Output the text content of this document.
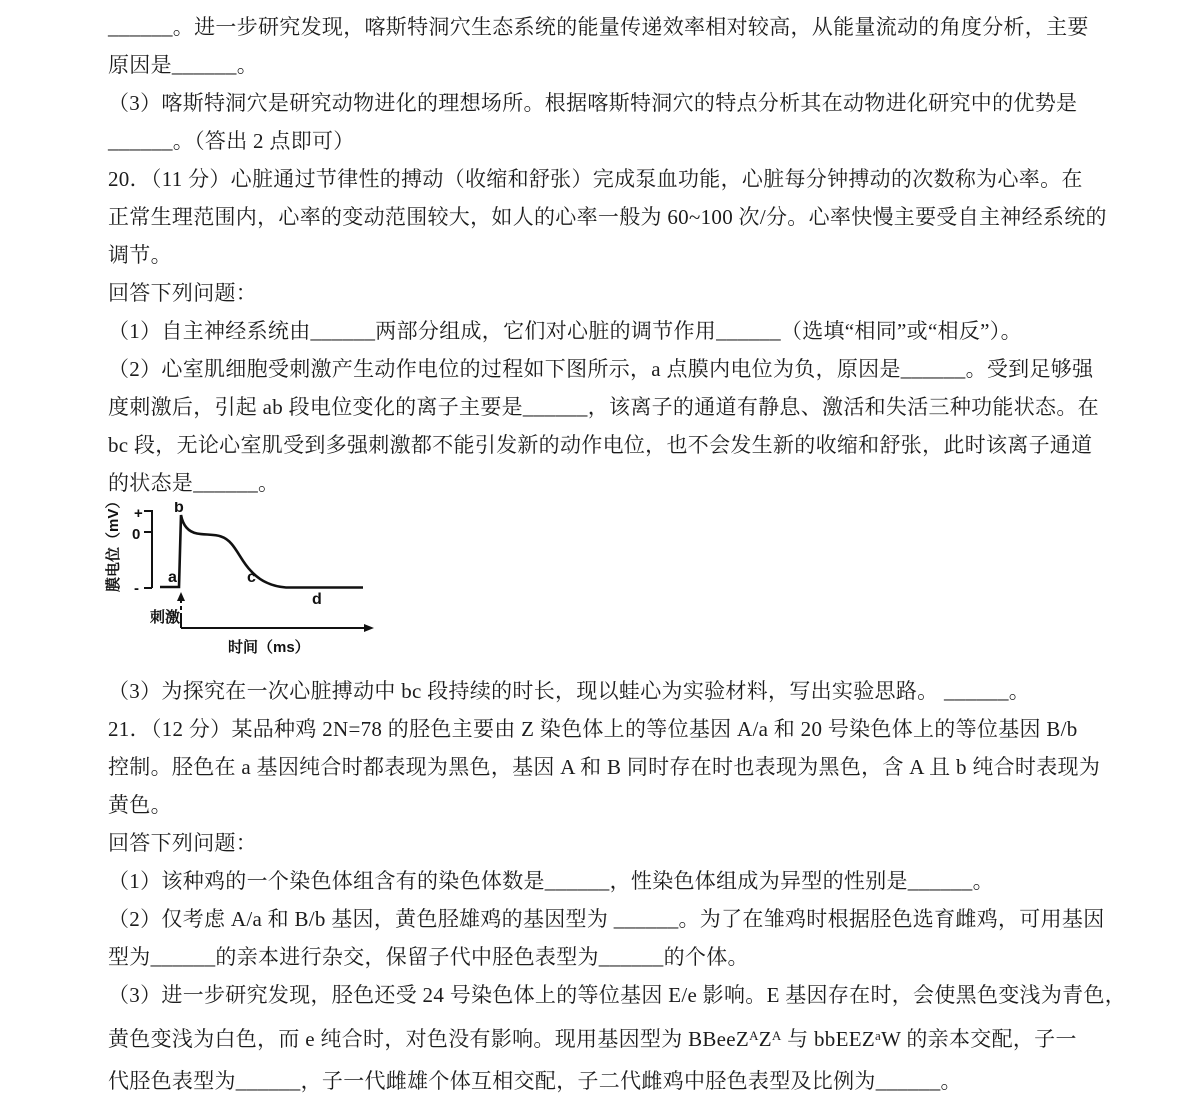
______。进一步研究发现，喀斯特洞穴生态系统的能量传递效率相对较高，从能量流动的角度分析，主要
原因是______。
（3）喀斯特洞穴是研究动物进化的理想场所。根据喀斯特洞穴的特点分析其在动物进化研究中的优势是
______。（答出 2 点即可）
20．（11 分）心脏通过节律性的搏动（收缩和舒张）完成泵血功能，心脏每分钟搏动的次数称为心率。在
正常生理范围内，心率的变动范围较大，如人的心率一般为 60~100 次/分。心率快慢主要受自主神经系统的
调节。
回答下列问题：
（1）自主神经系统由______两部分组成，它们对心脏的调节作用______（选填“相同”或“相反”）。
（2）心室肌细胞受刺激产生动作电位的过程如下图所示，a 点膜内电位为负，原因是______。受到足够强
度刺激后，引起 ab 段电位变化的离子主要是______，该离子的通道有静息、激活和失活三种功能状态。在
bc 段，无论心室肌受到多强刺激都不能引发新的动作电位，也不会发生新的收缩和舒张，此时该离子通道
的状态是______。
膜电位（mV） +
0
-
a
b
c
d
刺激
时间（ms）
（3）为探究在一次心脏搏动中 bc 段持续的时长，现以蛙心为实验材料，写出实验思路。 ______。
21．（12 分）某品种鸡 2N=78 的胫色主要由 Z 染色体上的等位基因 A/a 和 20 号染色体上的等位基因 B/b
控制。胫色在 a 基因纯合时都表现为黑色，基因 A 和 B 同时存在时也表现为黑色，含 A 且 b 纯合时表现为
黄色。
回答下列问题：
（1）该种鸡的一个染色体组含有的染色体数是______，性染色体组成为异型的性别是______。
（2）仅考虑 A/a 和 B/b 基因，黄色胫雄鸡的基因型为 ______。为了在雏鸡时根据胫色选育雌鸡，可用基因
型为______的亲本进行杂交，保留子代中胫色表型为______的个体。
（3）进一步研究发现，胫色还受 24 号染色体上的等位基因 E/e 影响。E 基因存在时，会使黑色变浅为青色，
黄色变浅为白色，而 e 纯合时，对色没有影响。现用基因型为 $BBeeZ^AZ^A$ 与 bbEEZ$^a$W 的亲本交配，子一
代胫色表型为______，子一代雌雄个体互相交配，子二代雌鸡中胫色表型及比例为______。
